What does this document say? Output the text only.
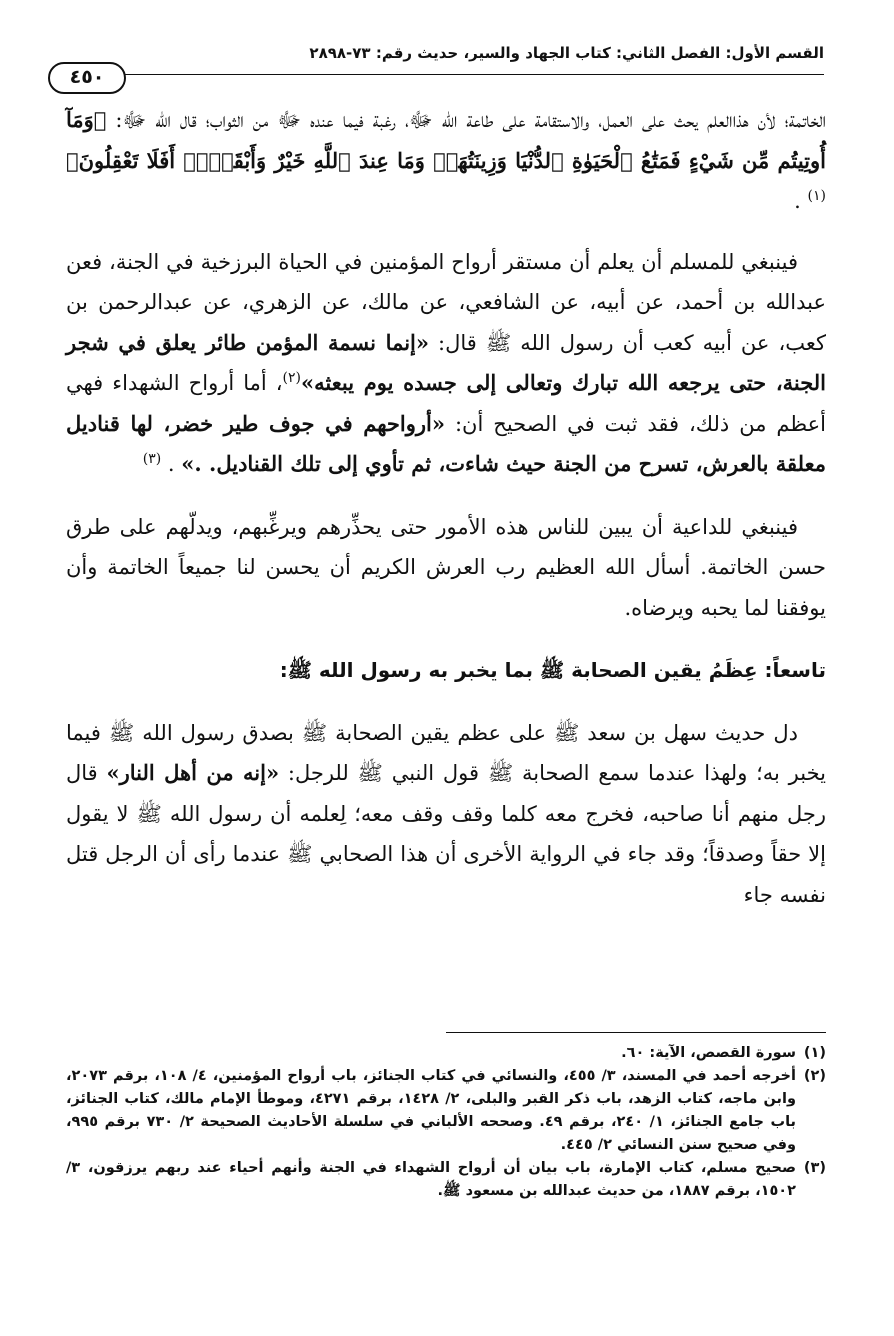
القسم الأول: الفصل الثاني: كتاب الجهاد والسير، حديث رقم: ٧٣-٢٨٩٨
٤٥٠

الخاتمة؛ لأن هذاالعلم يحث على العمل، والاستقامة على طاعة الله ﷻ، رغبة فيما عنده ﷻ من الثواب؛ قال الله ﷻ: ﴿وَمَآ أُوتِيتُم مِّن شَيْءٍ فَمَتَٰعُ ٱلْحَيَوٰةِ ٱلدُّنْيَا وَزِينَتُهَاۚ وَمَا عِندَ ٱللَّهِ خَيْرٌ وَأَبْقَىٰٓۚ أَفَلَا تَعْقِلُونَ﴾$^{(١)}$ .

فينبغي للمسلم أن يعلم أن مستقر أرواح المؤمنين في الحياة البرزخية في الجنة، فعن عبدالله بن أحمد، عن أبيه، عن الشافعي، عن مالك، عن الزهري، عن عبدالرحمن بن كعب، عن أبيه كعب أن رسول الله ﷺ قال: «إنما نسمة المؤمن طائر يعلق في شجر الجنة، حتى يرجعه الله تبارك وتعالى إلى جسده يوم يبعثه»$^{(٢)}$، أما أرواح الشهداء فهي أعظم من ذلك، فقد ثبت في الصحيح أن: «أرواحهم في جوف طير خضر، لها قناديل معلقة بالعرش، تسرح من الجنة حيث شاءت، ثم تأوي إلى تلك القناديل. .» . $^{(٣)}$

فينبغي للداعية أن يبين للناس هذه الأمور حتى يحذِّرهم ويرغِّبهم، ويدلّهم على طرق حسن الخاتمة. أسأل الله العظيم رب العرش الكريم أن يحسن لنا جميعاً الخاتمة وأن يوفقنا لما يحبه ويرضاه.

تاسعاً: عِظَمُ يقين الصحابة ﷺ بما يخبر به رسول الله ﷺ:

دل حديث سهل بن سعد ﷺ على عظم يقين الصحابة ﷺ بصدق رسول الله ﷺ فيما يخبر به؛ ولهذا عندما سمع الصحابة ﷺ قول النبي ﷺ للرجل: «إنه من أهل النار» قال رجل منهم أنا صاحبه، فخرج معه كلما وقف وقف معه؛ لِعلمه أن رسول الله ﷺ لا يقول إلا حقاً وصدقاً؛ وقد جاء في الرواية الأخرى أن هذا الصحابي ﷺ عندما رأى أن الرجل قتل نفسه جاء

(١)
سورة القصص، الآية: ٦٠.

(٢)
أخرجه أحمد في المسند، ٣/ ٤٥٥، والنسائي في كتاب الجنائز، باب أرواح المؤمنين، ٤/ ١٠٨، برقم ٢٠٧٣، وابن ماجه، كتاب الزهد، باب ذكر القبر والبلى، ٢/ ١٤٢٨، برقم ٤٢٧١، وموطأ الإمام مالك، كتاب الجنائز، باب جامع الجنائز، ١/ ٢٤٠، برقم ٤٩. وصححه الألباني في سلسلة الأحاديث الصحيحة ٢/ ٧٣٠ برقم ٩٩٥، وفي صحيح سنن النسائي ٢/ ٤٤٥.

(٣)
صحيح مسلم، كتاب الإمارة، باب بيان أن أرواح الشهداء في الجنة وأنهم أحياء عند ربهم يرزقون، ٣/ ١٥٠٢، برقم ١٨٨٧، من حديث عبدالله بن مسعود ﷺ.
